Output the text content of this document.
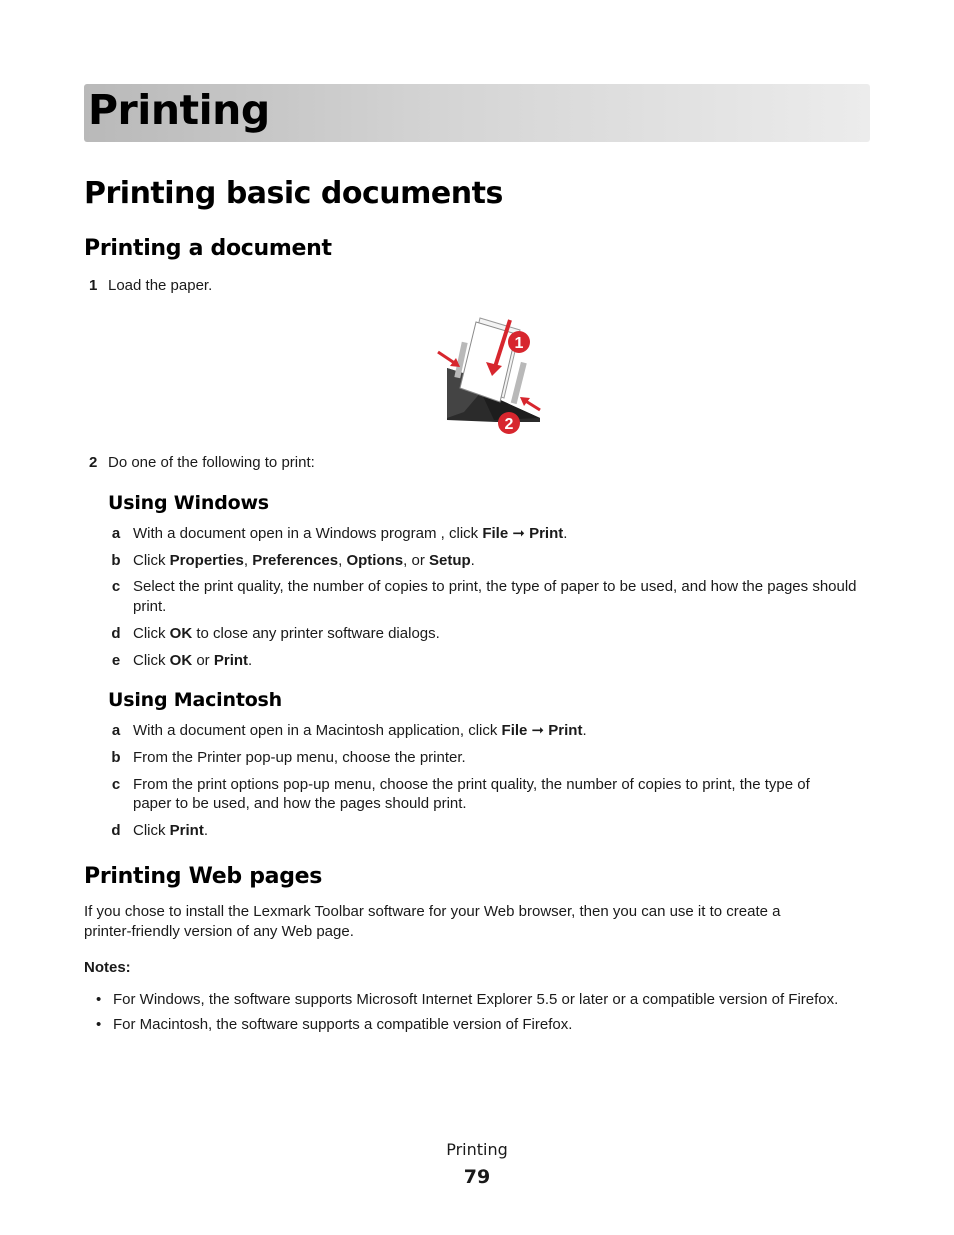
Printing
Printing basic documents
Printing a document
1 Load the paper.
1
2
2 Do one of the following to print:
Using Windows
a With a document open in a Windows program , click File ➞ Print.
b Click Properties, Preferences, Options, or Setup.
c Select the print quality, the number of copies to print, the type of paper to be used, and how the pages should
print.
d Click OK to close any printer software dialogs.
e Click OK or Print.
Using Macintosh
a With a document open in a Macintosh application, click File ➞ Print.
b From the Printer pop-up menu, choose the printer.
c From the print options pop-up menu, choose the print quality, the number of copies to print, the type of
paper to be used, and how the pages should print.
d Click Print.
Printing Web pages
If you chose to install the Lexmark Toolbar software for your Web browser, then you can use it to create a
printer-friendly version of any Web page.
Notes:
• For Windows, the software supports Microsoft Internet Explorer 5.5 or later or a compatible version of Firefox.
• For Macintosh, the software supports a compatible version of Firefox.
Printing
79
